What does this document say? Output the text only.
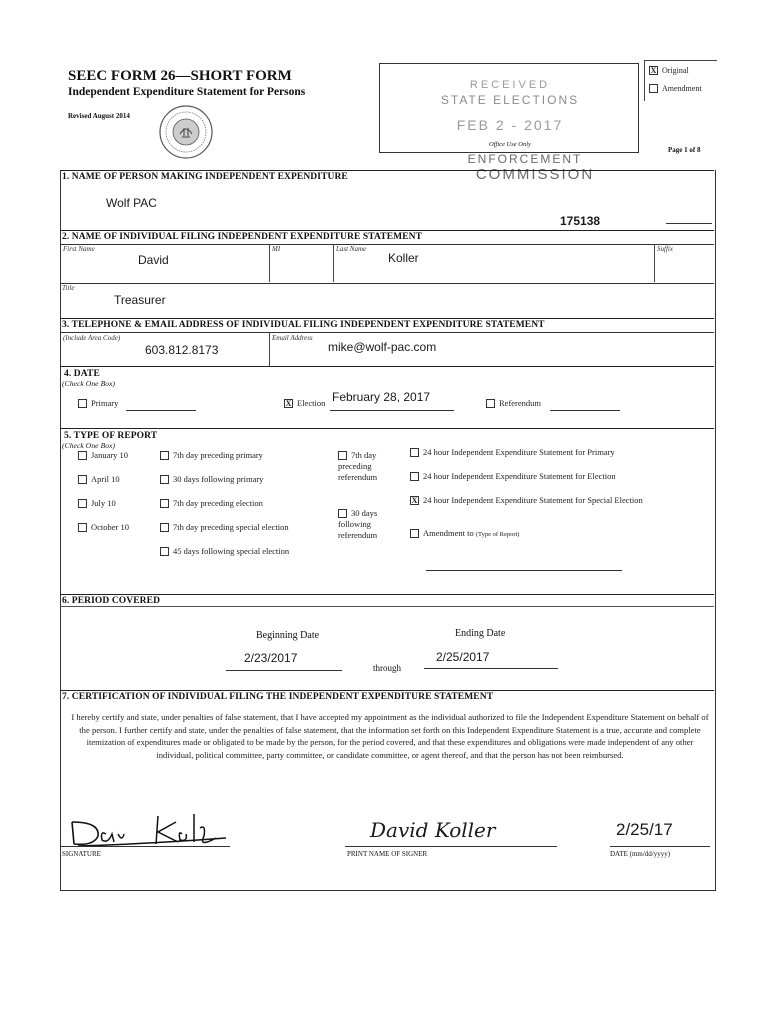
SEEC FORM 26—SHORT FORM
Independent Expenditure Statement for Persons
Revised August 2014
RECEIVED
STATE ELECTIONS
FEB 2 - 2017
Office Use Only
ENFORCEMENT
COMMISSION
X Original
Amendment
Page 1 of 8
1. NAME OF PERSON MAKING INDEPENDENT EXPENDITURE
Wolf PAC
175138
2. NAME OF INDIVIDUAL FILING INDEPENDENT EXPENDITURE STATEMENT
First Name
David
MI	Last Name
Koller
Suffix
Title
Treasurer
3. TELEPHONE & EMAIL ADDRESS OF INDIVIDUAL FILING INDEPENDENT EXPENDITURE STATEMENT
(Include Area Code)
603.812.8173
Email Address
mike@wolf-pac.com
4. DATE
(Check One Box)
Primary	X Election February 28, 2017	Referendum
5. TYPE OF REPORT
(Check One Box)
January 10
April 10
July 10
October 10
7th day preceding primary
30 days following primary
7th day preceding election
7th day preceding special election
45 days following special election
7th day preceding referendum
30 days following referendum
24 hour Independent Expenditure Statement for Primary
24 hour Independent Expenditure Statement for Election
X 24 hour Independent Expenditure Statement for Special Election
Amendment to (Type of Report)
6. PERIOD COVERED
Beginning Date
2/23/2017
through
Ending Date
2/25/2017
7. CERTIFICATION OF INDIVIDUAL FILING THE INDEPENDENT EXPENDITURE STATEMENT
I hereby certify and state, under penalties of false statement, that I have accepted my appointment as the individual authorized to file the Independent Expenditure Statement on behalf of the person. I further certify and state, under the penalties of false statement, that the information set forth on this Independent Expenditure Statement is a true, accurate and complete itemization of expenditures made or obligated to be made by the person, for the period covered, and that these expenditures and obligations were made independent of any other individual, political committee, party committee, or candidate committee, or agent thereof, and that the person has not been reimbursed.
SIGNATURE
David Koller
PRINT NAME OF SIGNER
2/25/17
DATE (mm/dd/yyyy)
